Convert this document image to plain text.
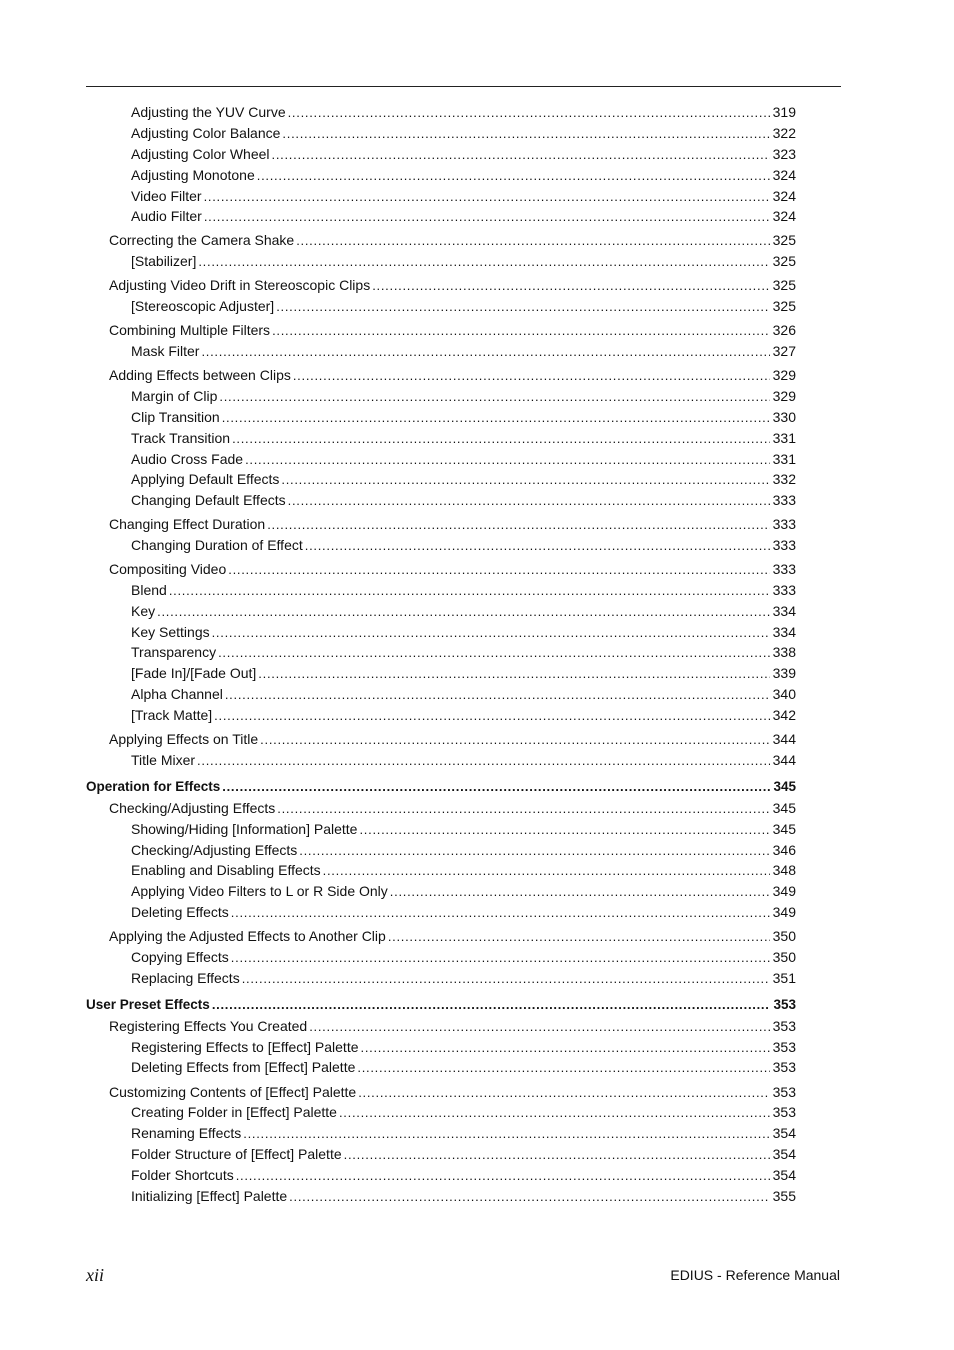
Adjusting the YUV Curve . . .	319
Adjusting Color Balance . . .	322
Adjusting Color Wheel . . .	323
Adjusting Monotone . . .	324
Video Filter . . .	324
Audio Filter . . .	324
Correcting the Camera Shake . . .	325
[Stabilizer] . . .	325
Adjusting Video Drift in Stereoscopic Clips . . .	325
[Stereoscopic Adjuster] . . .	325
Combining Multiple Filters . . .	326
Mask Filter . . .	327
Adding Effects between Clips . . .	329
Margin of Clip . . .	329
Clip Transition . . .	330
Track Transition . . .	331
Audio Cross Fade . . .	331
Applying Default Effects . . .	332
Changing Default Effects . . .	333
Changing Effect Duration . . .	333
Changing Duration of Effect . . .	333
Compositing Video . . .	333
Blend . . .	333
Key . . .	334
Key Settings . . .	334
Transparency . . .	338
[Fade In]/[Fade Out] . . .	339
Alpha Channel . . .	340
[Track Matte] . . .	342
Applying Effects on Title . . .	344
Title Mixer . . .	344
Operation for Effects . . .	345
Checking/Adjusting Effects . . .	345
Showing/Hiding [Information] Palette . . .	345
Checking/Adjusting Effects . . .	346
Enabling and Disabling Effects . . .	348
Applying Video Filters to L or R Side Only . . .	349
Deleting Effects . . .	349
Applying the Adjusted Effects to Another Clip . . .	350
Copying Effects . . .	350
Replacing Effects . . .	351
User Preset Effects . . .	353
Registering Effects You Created . . .	353
Registering Effects to [Effect] Palette . . .	353
Deleting Effects from [Effect] Palette . . .	353
Customizing Contents of [Effect] Palette . . .	353
Creating Folder in [Effect] Palette . . .	353
Renaming Effects . . .	354
Folder Structure of [Effect] Palette . . .	354
Folder Shortcuts . . .	354
Initializing [Effect] Palette . . .	355
xii	EDIUS - Reference Manual
